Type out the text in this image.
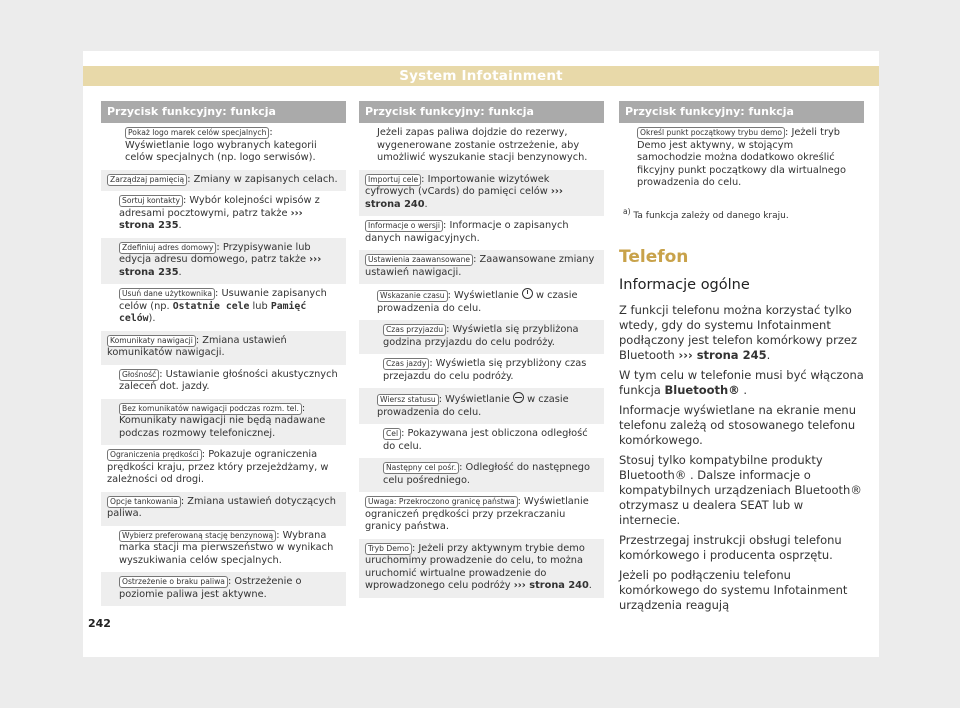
System Infotainment
Przycisk funkcyjny: funkcja
Pokaż logo marek celów specjalnych : Wyświetlanie logo wybranych kategorii celów specjalnych (np. logo serwisów).
Zarządzaj pamięcią : Zmiany w zapisanych celach.
Sortuj kontakty : Wybór kolejności wpisów z adresami pocztowymi, patrz także ››› strona 235.
Zdefiniuj adres domowy : Przypisywanie lub edycja adresu domowego, patrz także ››› strona 235.
Usuń dane użytkownika : Usuwanie zapisanych celów (np. Ostatnie cele lub Pamięć celów).
Komunikaty nawigacji : Zmiana ustawień komunikatów nawigacji.
Głośność : Ustawianie głośności akustycznych zaleceń dot. jazdy.
Bez komunikatów nawigacji podczas rozm. tel. : Komunikaty nawigacji nie będą nadawane podczas rozmowy telefonicznej.
Ograniczenia prędkości : Pokazuje ograniczenia prędkości kraju, przez który przejeżdżamy, w zależności od drogi.
Opcje tankowania : Zmiana ustawień dotyczących paliwa.
Wybierz preferowaną stację benzynową : Wybrana marka stacji ma pierwszeństwo w wynikach wyszukiwania celów specjalnych.
Ostrzeżenie o braku paliwa : Ostrzeżenie o poziomie paliwa jest aktywne.
Przycisk funkcyjny: funkcja
Jeżeli zapas paliwa dojdzie do rezerwy, wygenerowane zostanie ostrzeżenie, aby umożliwić wyszukanie stacji benzynowych.
Importuj cele : Importowanie wizytówek cyfrowych (vCards) do pamięci celów ››› strona 240.
Informacje o wersji : Informacje o zapisanych danych nawigacyjnych.
Ustawienia zaawansowane : Zaawansowane zmiany ustawień nawigacji.
Wskazanie czasu : Wyświetlanie  w czasie prowadzenia do celu.
Czas przyjazdu : Wyświetla się przybliżona godzina przyjazdu do celu podróży.
Czas jazdy : Wyświetla się przybliżony czas przejazdu do celu podróży.
Wiersz statusu : Wyświetlanie  w czasie prowadzenia do celu.
Cel : Pokazywana jest obliczona odległość do celu.
Następny cel pośr. : Odległość do następnego celu pośredniego.
Uwaga: Przekroczono granicę państwa : Wyświetlanie ograniczeń prędkości przy przekraczaniu granicy państwa.
Tryb Demo : Jeżeli przy aktywnym trybie demo uruchomimy prowadzenie do celu, to można uruchomić wirtualne prowadzenie do wprowadzonego celu podróży ››› strona 240.
Przycisk funkcyjny: funkcja
Określ punkt początkowy trybu demo : Jeżeli tryb Demo jest aktywny, w stojącym samochodzie można dodatkowo określić fikcyjny punkt początkowy dla wirtualnego prowadzenia do celu.
$^{a)}$ Ta funkcja zależy od danego kraju.
Telefon
Informacje ogólne
Z funkcji telefonu można korzystać tylko wtedy, gdy do systemu Infotainment podłączony jest telefon komórkowy przez Bluetooth ››› strona 245.
W tym celu w telefonie musi być włączona funkcja Bluetooth® .
Informacje wyświetlane na ekranie menu telefonu zależą od stosowanego telefonu komórkowego.
Stosuj tylko kompatybilne produkty Bluetooth® . Dalsze informacje o kompatybilnych urządzeniach Bluetooth® otrzymasz u dealera SEAT lub w internecie.
Przestrzegaj instrukcji obsługi telefonu komórkowego i producenta osprzętu.
Jeżeli po podłączeniu telefonu komórkowego do systemu Infotainment urządzenia reagują
242
